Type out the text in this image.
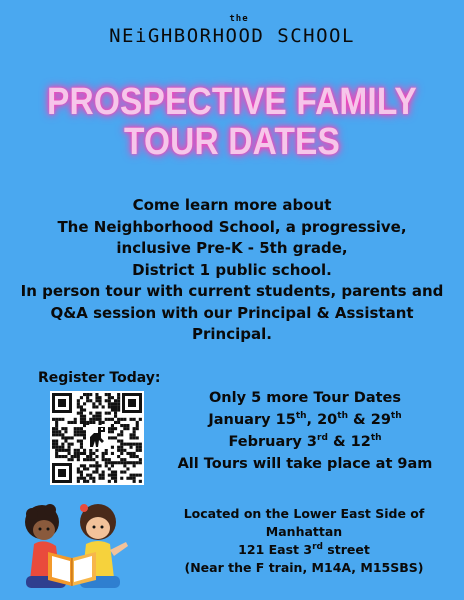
the
NEiGHBORHOOD SCHOOL
PROSPECTIVE FAMILY
TOUR DATES
Come learn more about
The Neighborhood School, a progressive,
inclusive Pre-K - 5th grade,
District 1 public school.
In person tour with current students, parents and
Q&A session with our Principal & Assistant
Principal.
Register Today:
Only 5 more Tour Dates
January 15th, 20th & 29th
February 3rd & 12th
All Tours will take place at 9am
Located on the Lower East Side of
Manhattan
121 East 3rd street
(Near the F train, M14A, M15SBS)
